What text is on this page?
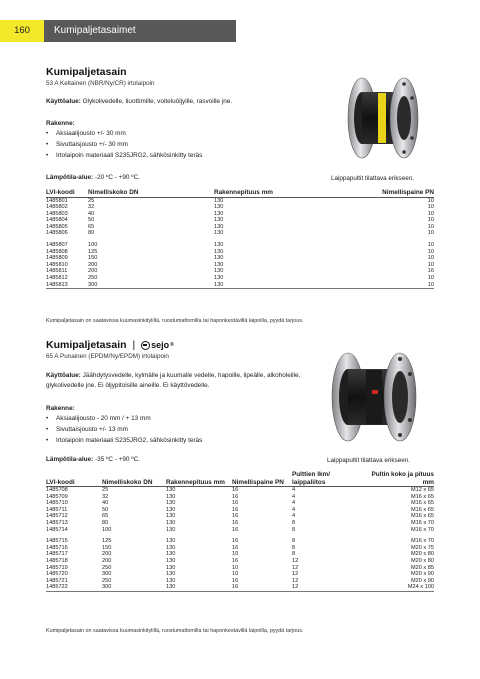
160	Kumipaljetasaimet
Kumipaljetasain
53 A Keltainen (NBR/Ny/CR) irtolaipoin
Käyttöalue: Glykolivedelle, liuottimille, voiteluöljyille, rasvoille jne.
Rakenne:
• Aksiaalijousto +/- 30 mm
• Sivuttaisjousto +/- 30 mm
• Irtolaipoin materiaali S235JRG2, sähkösinkitty teräs
Lämpötila-alue: -20 ºC - +90 ºC.	Laippapultit tilattava erikseen.
LVI-koodi	Nimelliskoko DN	Rakennepituus mm	Nimellispaine PN
1485801	25	130	10
1485802	32	130	10
1485803	40	130	10
1485804	50	130	10
1485805	65	130	10
1485806	80	130	10
1485807	100	130	10
1485808	125	130	10
1485809	150	130	10
1485810	200	130	10
1485811	200	130	16
1485812	250	130	10
1485813	300	130	10
Kumipaljetasain on saatavissa kuumasinkitylillä, ruostumattomilla tai haponkestävillä laipoilla, pyydä tarjous.
Kumipaljetasain | sejo ®
65 A Punainen (EPDM/Ny/EPDM) irtolaipoin
Käyttöalue: Jäähdytysvedelle, kylmälle ja kuumalle vedelle, hapoille, lipeälle, alkoholeille, glykolivedelle jne. Ei öljypitoisille aineille. Ei käyttövedelle.
Rakenne:
• Aksiaalijousto - 20 mm / + 13 mm
• Sivuttaisjousto +/- 13 mm
• Irtolaipoin materiaali S235JRG2, sähkösinkitty teräs
Lämpötila-alue: -35 ºC - +90 ºC.	Laippapultit tilattava erikseen.
LVI-koodi	Nimelliskoko DN	Rakennepituus mm	Nimellispaine PN	Pulttien lkm/ laippaliitos	Pultin koko ja pituus mm
1485708	25	130	16	4	M12 x 65
1485709	32	130	16	4	M16 x 65
1485710	40	130	16	4	M16 x 65
1485711	50	130	16	4	M16 x 65
1485712	65	130	16	4	M16 x 65
1485713	80	130	16	8	M16 x 70
1485714	100	130	16	8	M16 x 70
1485715	125	130	16	8	M16 x 70
1485716	150	130	16	8	M20 x 75
1485717	200	130	10	8	M20 x 80
1485718	200	130	16	12	M20 x 80
1485719	250	130	10	12	M20 x 85
1485720	300	130	10	12	M20 x 90
1485721	250	130	16	12	M20 x 90
1485722	300	130	16	12	M24 x 100
Kumipaljetasain on saatavissa kuumasinkitylillä, ruostumattomilla tai haponkestävillä laipoilla, pyydä tarjous.
